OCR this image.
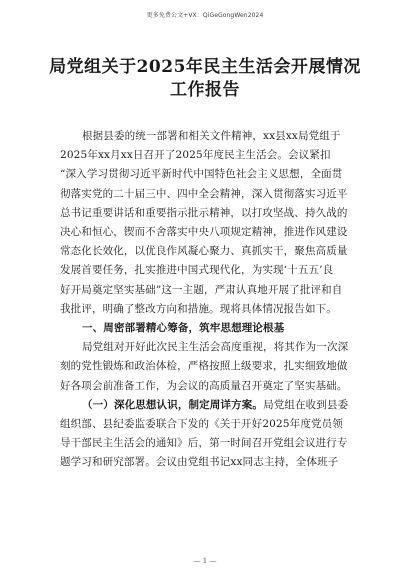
更多免费公文+VX：QiGeGongWen2024
局党组关于2025年民主生活会开展情况
工作报告
根据县委的统一部署和相关文件精神，xx县xx局党组于
2025年xx月xx日召开了2025年度民主生活会。会议紧扣
“深入学习贯彻习近平新时代中国特色社会主义思想，全面贯
彻落实党的二十届三中、四中全会精神，深入贯彻落实习近平
总书记重要讲话和重要指示批示精神，以打攻坚战、持久战的
决心和恒心，锲而不舍落实中央八项规定精神，推进作风建设
常态化长效化，以优良作风凝心聚力、真抓实干，聚焦高质量
发展首要任务，扎实推进中国式现代化，为实现‘十五五’良
好开局奠定坚实基础”这一主题，严肃认真地开展了批评和自
我批评，明确了整改方向和措施。现将具体情况报告如下。
一、周密部署精心筹备，筑牢思想理论根基
局党组对开好此次民主生活会高度重视，将其作为一次深
刻的党性锻炼和政治体检，严格按照上级要求，扎实细致地做
好各项会前准备工作，为会议的高质量召开奠定了坚实基础。
（一）深化思想认识，制定周详方案。局党组在收到县委
组织部、县纪委监委联合下发的《关于开好2025年度党员领
导干部民主生活会的通知》后，第一时间召开党组会议进行专
题学习和研究部署。会议由党组书记xx同志主持，全体班子
— 1 —
